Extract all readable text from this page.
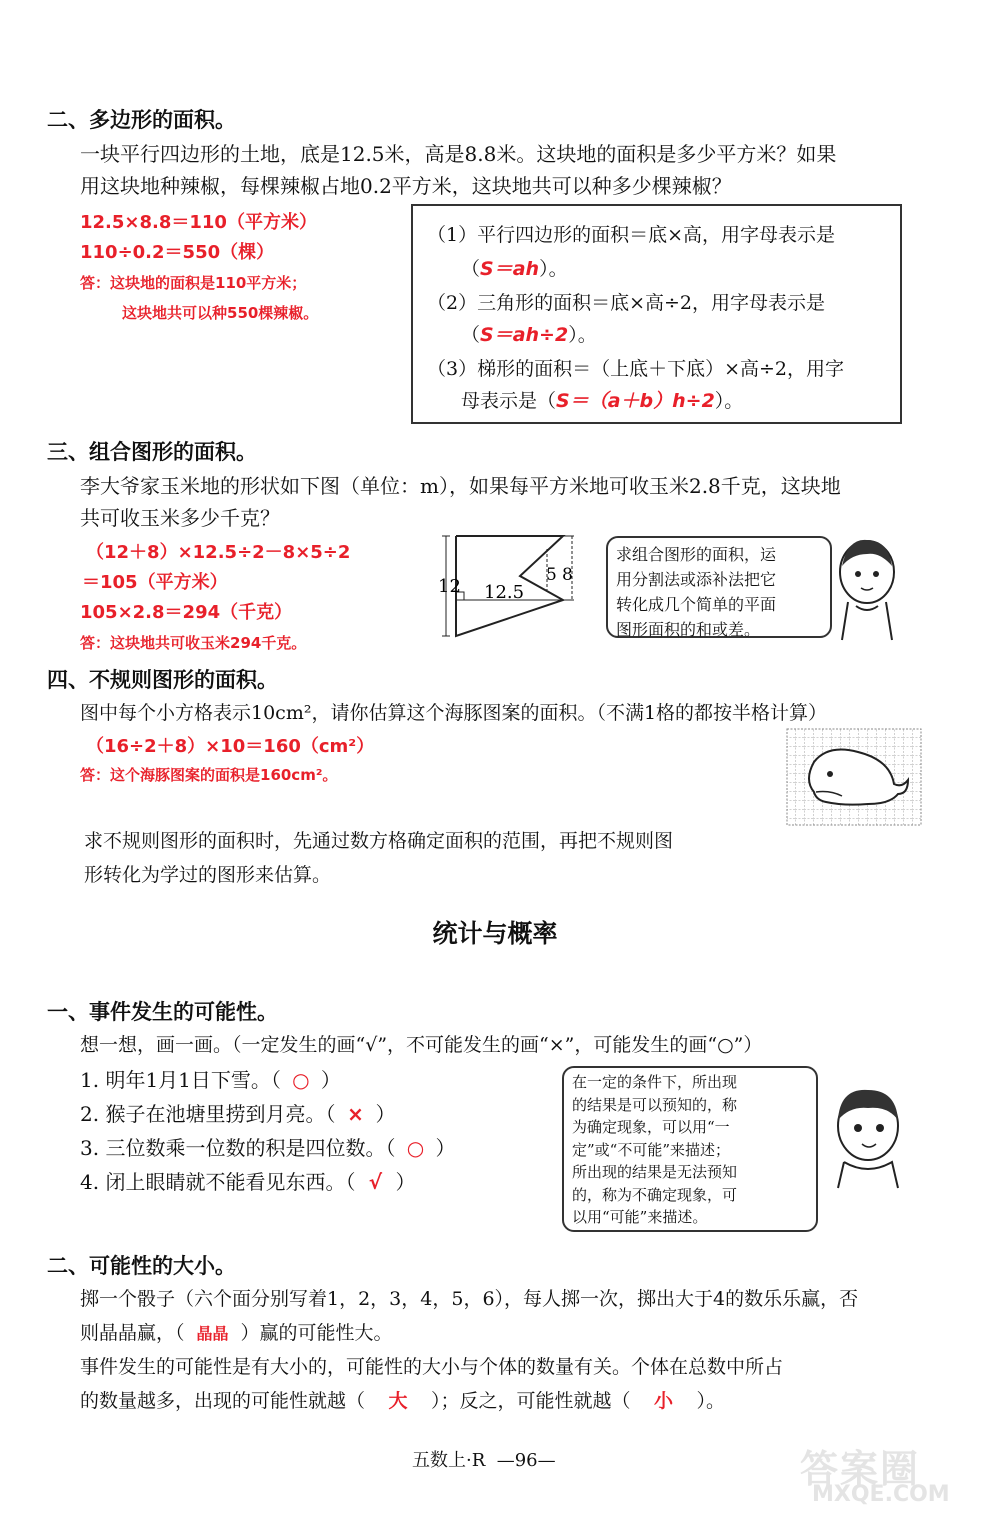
二、多边形的面积。
一块平行四边形的土地，底是12.5米，高是8.8米。这块地的面积是多少平方米？如果
用这块地种辣椒，每棵辣椒占地0.2平方米，这块地共可以种多少棵辣椒？
12.5×8.8＝110（平方米）
110÷0.2＝550（棵）
答：这块地的面积是110平方米；
这块地共可以种550棵辣椒。
（1）平行四边形的面积＝底×高，用字母表示是
（S＝ah）。
（2）三角形的面积＝底×高÷2，用字母表示是
（S＝ah÷2）。
（3）梯形的面积＝（上底＋下底）×高÷2，用字
母表示是（S＝（a＋b）h÷2）。
三、组合图形的面积。
李大爷家玉米地的形状如下图（单位：m），如果每平方米地可收玉米2.8千克，这块地
共可收玉米多少千克？
（12＋8）×12.5÷2－8×5÷2
＝105（平方米）
105×2.8＝294（千克）
答：这块地共可收玉米294千克。
12 12.5
5 8
求组合图形的面积，运
用分割法或添补法把它
转化成几个简单的平面
图形面积的和或差。
四、不规则图形的面积。
图中每个小方格表示10cm²，请你估算这个海豚图案的面积。（不满1格的都按半格计算）
（16÷2＋8）×10＝160（cm²）
答：这个海豚图案的面积是160cm²。
求不规则图形的面积时，先通过数方格确定面积的范围，再把不规则图
形转化为学过的图形来估算。
统计与概率
一、事件发生的可能性。
想一想，画一画。（一定发生的画“√”，不可能发生的画“×”，可能发生的画“○”）
1. 明年1月1日下雪。（ ○ ）
2. 猴子在池塘里捞到月亮。（ × ）
3. 三位数乘一位数的积是四位数。（ ○ ）
4. 闭上眼睛就不能看见东西。（ √ ）
在一定的条件下，所出现
的结果是可以预知的，称
为确定现象，可以用“一
定”或“不可能”来描述；
所出现的结果是无法预知
的，称为不确定现象，可
以用“可能”来描述。
二、可能性的大小。
掷一个骰子（六个面分别写着1，2，3，4，5，6），每人掷一次，掷出大于4的数乐乐赢，否
则晶晶赢，（ 晶晶 ）赢的可能性大。
事件发生的可能性是有大小的，可能性的大小与个体的数量有关。个体在总数中所占
的数量越多，出现的可能性就越（ 大 ）；反之，可能性就越（ 小 ）。
五数上·R —96—	答案圈
MXQE.COM
